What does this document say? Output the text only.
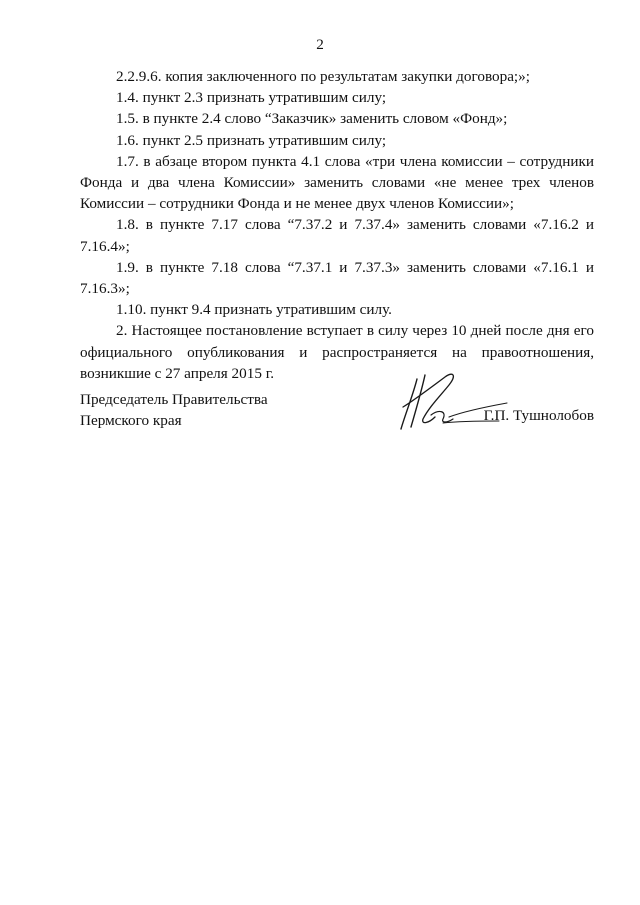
2

2.2.9.6. копия заключенного по результатам закупки договора;»;

1.4. пункт 2.3 признать утратившим силу;

1.5. в пункте 2.4 слово “Заказчик» заменить словом «Фонд»;

1.6. пункт 2.5 признать утратившим силу;

1.7. в абзаце втором пункта 4.1 слова «три члена комиссии – сотрудники Фонда и два члена Комиссии» заменить словами «не менее трех членов Комиссии – сотрудники Фонда и не менее двух членов Комиссии»;

1.8. в пункте 7.17 слова “7.37.2 и 7.37.4» заменить словами «7.16.2 и 7.16.4»;

1.9. в пункте 7.18 слова “7.37.1 и 7.37.3» заменить словами «7.16.1 и 7.16.3»;

1.10. пункт 9.4 признать утратившим силу.

2. Настоящее постановление вступает в силу через 10 дней после дня его официального опубликования и распространяется на правоотношения, возникшие с 27 апреля 2015 г.

Председатель Правительства
Пермского края	Г.П. Тушнолобов
